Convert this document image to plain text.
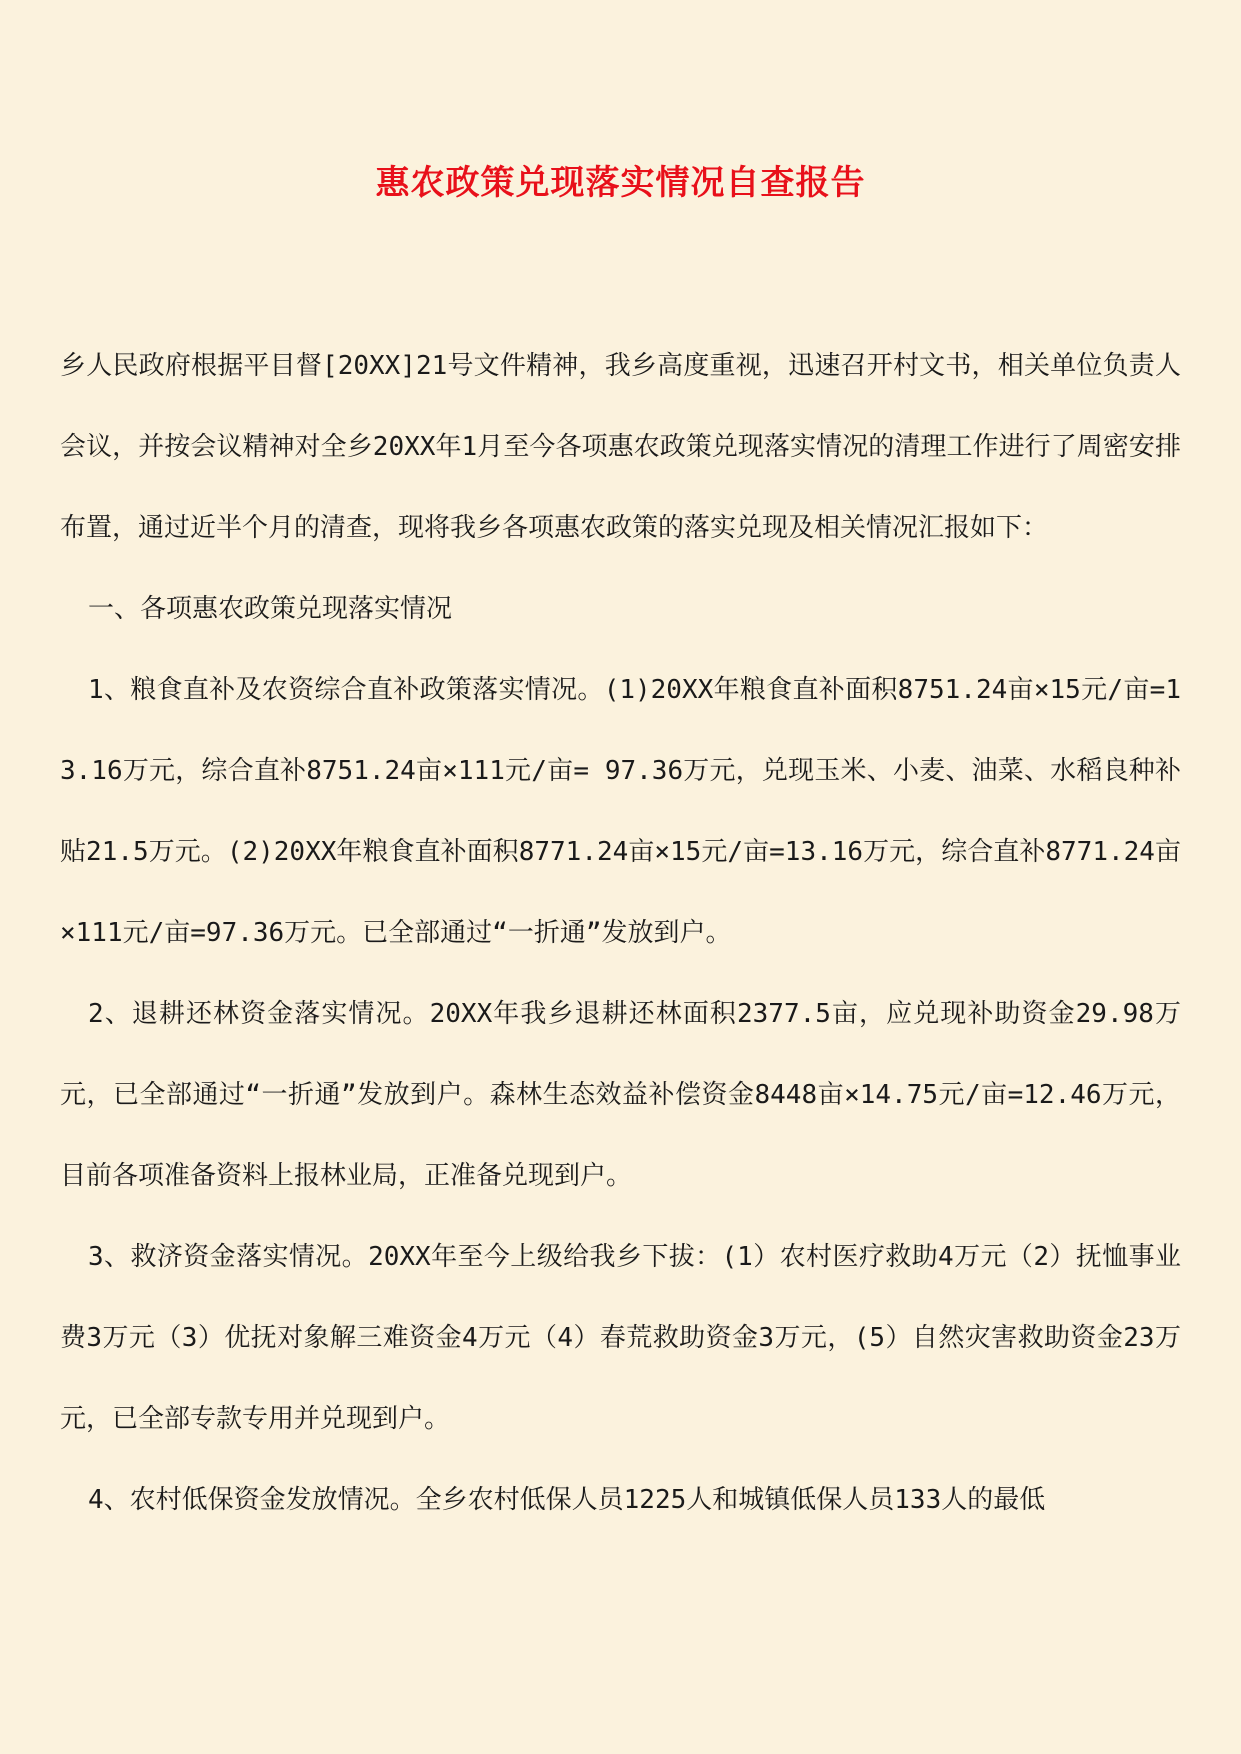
惠农政策兑现落实情况自查报告

乡人民政府根据平目督[20XX]21号文件精神，我乡高度重视，迅速召开村文书，相关单位负责人会议，并按会议精神对全乡20XX年1月至今各项惠农政策兑现落实情况的清理工作进行了周密安排布置，通过近半个月的清查，现将我乡各项惠农政策的落实兑现及相关情况汇报如下：

一、各项惠农政策兑现落实情况

1、粮食直补及农资综合直补政策落实情况。(1)20XX年粮食直补面积8751.24亩×15元/亩=13.16万元，综合直补8751.24亩×111元/亩= 97.36万元，兑现玉米、小麦、油菜、水稻良种补贴21.5万元。(2)20XX年粮食直补面积8771.24亩×15元/亩=13.16万元，综合直补8771.24亩×111元/亩=97.36万元。已全部通过“一折通”发放到户。

2、退耕还林资金落实情况。20XX年我乡退耕还林面积2377.5亩，应兑现补助资金29.98万元，已全部通过“一折通”发放到户。森林生态效益补偿资金8448亩×14.75元/亩=12.46万元，目前各项准备资料上报林业局，正准备兑现到户。

3、救济资金落实情况。20XX年至今上级给我乡下拔：(1）农村医疗救助4万元（2）抚恤事业费3万元（3）优抚对象解三难资金4万元（4）春荒救助资金3万元，(5）自然灾害救助资金23万元，已全部专款专用并兑现到户。

4、农村低保资金发放情况。全乡农村低保人员1225人和城镇低保人员133人的最低
